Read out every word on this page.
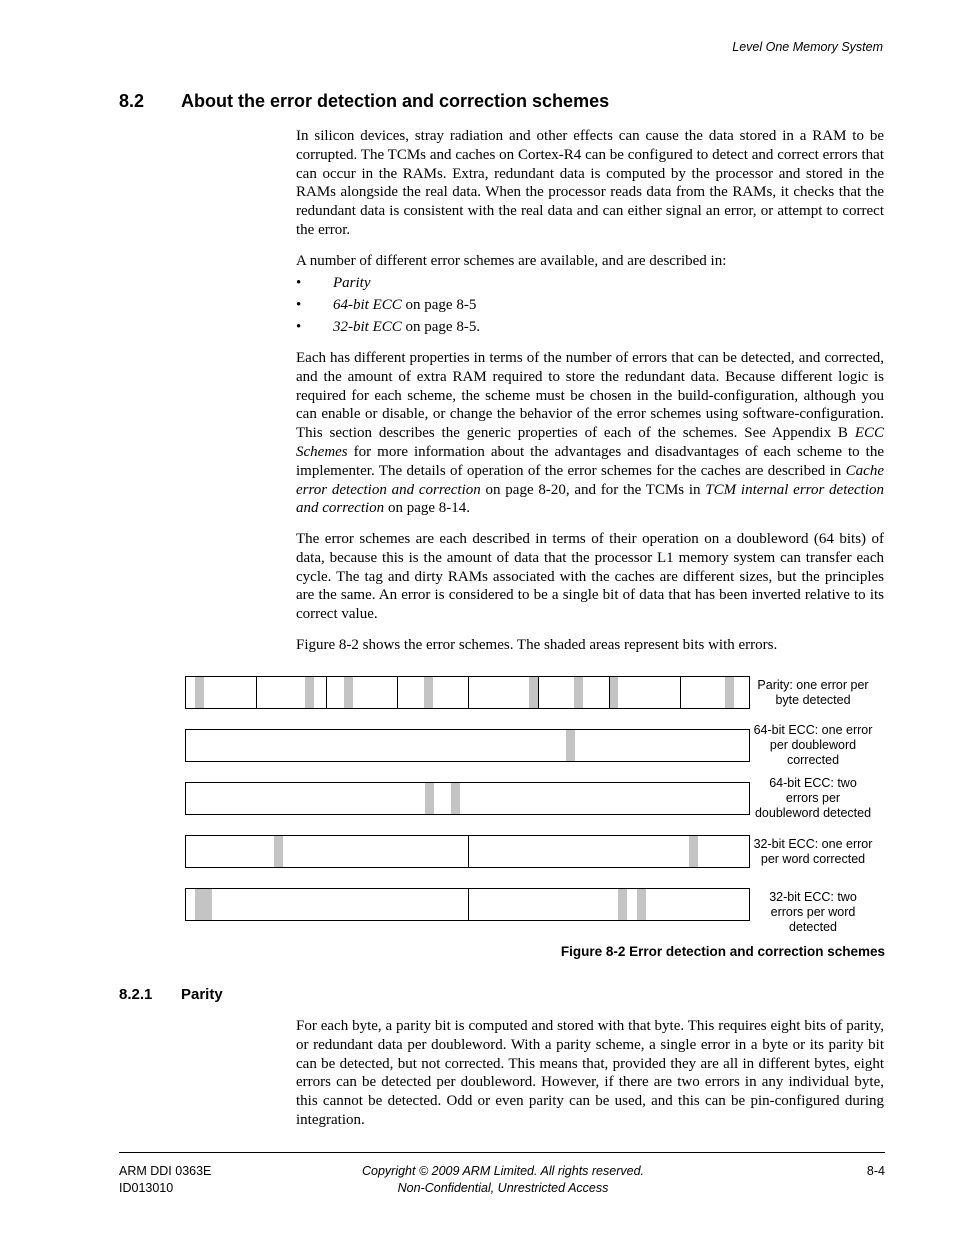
Level One Memory System
8.2 About the error detection and correction schemes

In silicon devices, stray radiation and other effects can cause the data stored in a RAM to be corrupted. The TCMs and caches on Cortex-R4 can be configured to detect and correct errors that can occur in the RAMs. Extra, redundant data is computed by the processor and stored in the RAMs alongside the real data. When the processor reads data from the RAMs, it checks that the redundant data is consistent with the real data and can either signal an error, or attempt to correct the error.

A number of different error schemes are available, and are described in:

• Parity
• 64-bit ECC on page 8-5
• 32-bit ECC on page 8-5.

Each has different properties in terms of the number of errors that can be detected, and corrected, and the amount of extra RAM required to store the redundant data. Because different logic is required for each scheme, the scheme must be chosen in the build-configuration, although you can enable or disable, or change the behavior of the error schemes using software-configuration. This section describes the generic properties of each of the schemes. See Appendix B ECC Schemes for more information about the advantages and disadvantages of each scheme to the implementer. The details of operation of the error schemes for the caches are described in Cache error detection and correction on page 8-20, and for the TCMs in TCM internal error detection and correction on page 8-14.

The error schemes are each described in terms of their operation on a doubleword (64 bits) of data, because this is the amount of data that the processor L1 memory system can transfer each cycle. The tag and dirty RAMs associated with the caches are different sizes, but the principles are the same. An error is considered to be a single bit of data that has been inverted relative to its correct value.

Figure 8-2 shows the error schemes. The shaded areas represent bits with errors.

Parity: one error per byte detected
64-bit ECC: one error per doubleword corrected
64-bit ECC: two errors per doubleword detected
32-bit ECC: one error per word corrected
32-bit ECC: two errors per word detected
Figure 8-2 Error detection and correction schemes
8.2.1 Parity

For each byte, a parity bit is computed and stored with that byte. This requires eight bits of parity, or redundant data per doubleword. With a parity scheme, a single error in a byte or its parity bit can be detected, but not corrected. This means that, provided they are all in different bytes, eight errors can be detected per doubleword. However, if there are two errors in any individual byte, this cannot be detected. Odd or even parity can be used, and this can be pin-configured during integration.

ARM DDI 0363E
ID013010
Copyright © 2009 ARM Limited. All rights reserved.
Non-Confidential, Unrestricted Access
8-4
